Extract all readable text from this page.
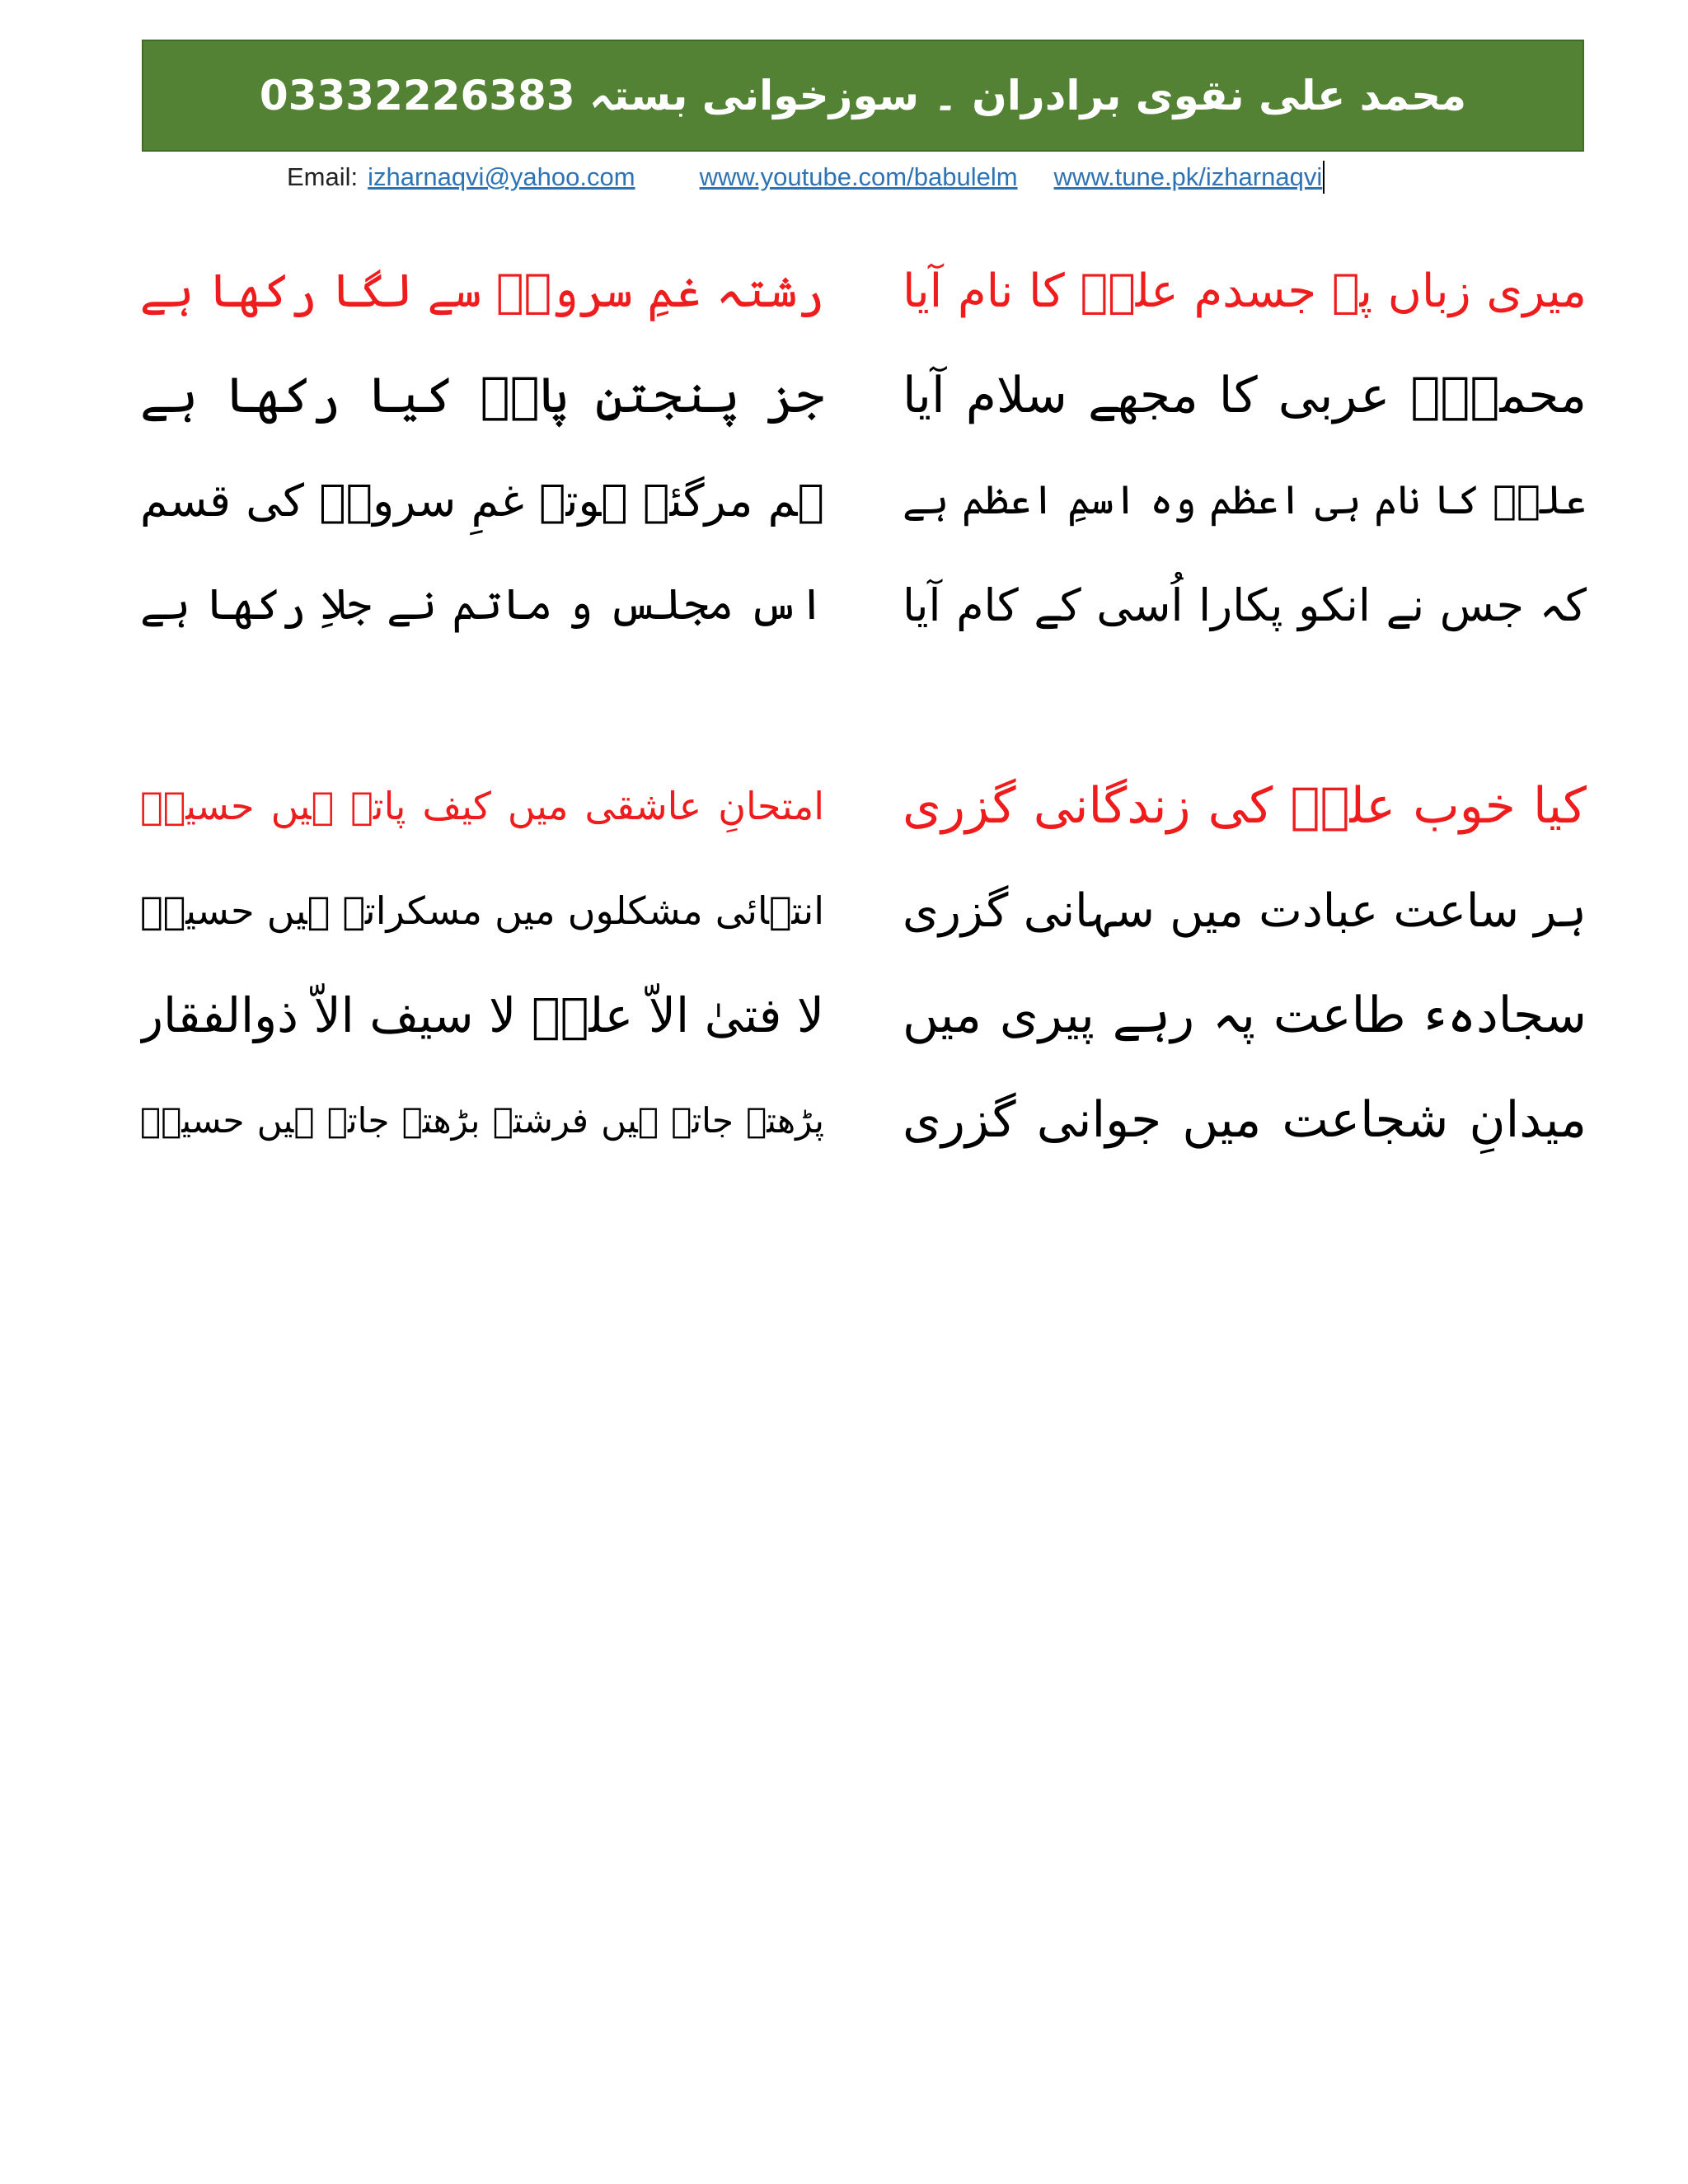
محمد علی نقوی برادران ۔ سوزخوانی بستہ 03332226383
Email: izharnaqvi@yahoo.com	www.youtube.com/babulelm www.tune.pk/izharnaqvi
میری زباں پہ جسدم علیؑ کا نام آیا
محمدِؐ عربی کا مجھے سلام آیا
علیؑ کا نام ہی اعظم وہ اسمِ اعظم ہے
کہ جس نے انکو پکارا اُسی کے کام آیا
کیا خوب علیؑ کی زندگانی گزری
ہر ساعت عبادت میں سہانی گزری
سجادہء طاعت پہ رہے پیری میں
میدانِ شجاعت میں جوانی گزری
رشتہ غمِ سرورؑ سے لگا رکھا ہے
جز پنجتنِ پاکؑ کیا رکھا ہے
ہم مرگئے ہوتے غمِ سرورؑ کی قسم
اس مجلس و ماتم نے جلاِ رکھا ہے
امتحانِ عاشقی میں کیف پاتے ہیں حسینؑ
انتہائی مشکلوں میں مسکراتے ہیں حسینؑ
لا فتیٰ الاّ علیؑ لا سیف الاّ ذوالفقار
پڑھتے جاتے ہیں فرشتے بڑھتے جاتے ہیں حسینؑ
